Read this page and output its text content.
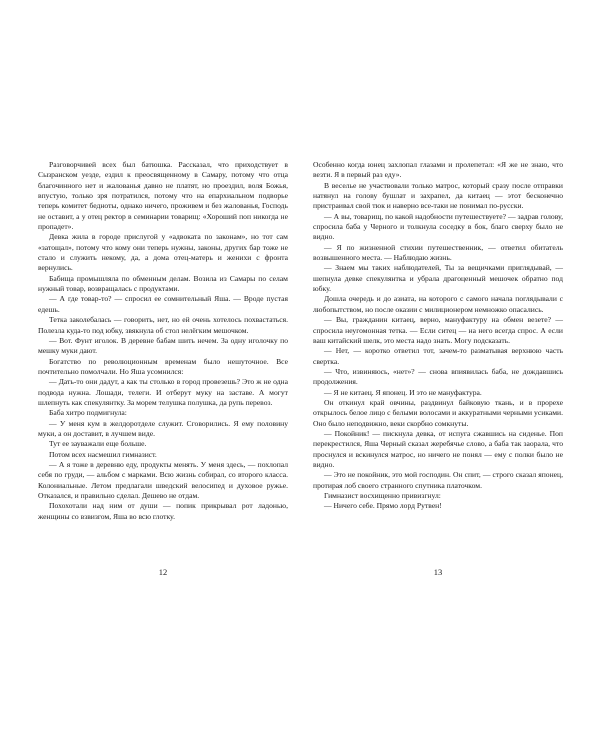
Разговорчивей всех был батюшка. Рассказал, что приходствует в Сызранском уезде, ездил к преосвященному в Самару, потому что отца благочинного нет и жалованья давно не платят, но проездил, воля Божья, впустую, только зря потратился, потому что на епархиальном подворье теперь комитет бедноты, однако ничего, проживем и без жалованья, Господь не оставит, а у отец ректор в семинарии товарищ: «Хороший поп никогда не пропадет».

Девка жила в городе прислугой у «адвоката по законам», но тот сам «затощал», потому что кому они теперь нужны, законы, других бар тоже не стало и служить некому, да, а дома отец-матерь и женихи с фронта вернулись.

Бабища промышляла по обменным делам. Возила из Самары по селам нужный товар, возвращалась с продуктами.

— А где товар-то? — спросил ее сомнительный Яша. — Вроде пустая едешь.

Тетка заколебалась — говорить, нет, но ей очень хотелось похвастаться. Полезла куда-то под юбку, звякнула об стол нелёгким мешочком.

— Вот. Фунт иголок. В деревне бабам шить нечем. За одну иголочку по мешку муки дают.

Богатство по революционным временам было нешуточное. Все почтительно помолчали. Но Яша усомнился:

— Дать-то они дадут, а как ты столько в город провезешь? Это ж не одна подвода нужна. Лошади, телеги. И отберут муку на заставе. А могут шлепнуть как спекулянтку. За морем телушка полушка, да рупь перевоз.

Баба хитро подмигнула:

— У меня кум в желдоротделе служит. Сговорились. Я ему половину муки, а он доставит, в лучшем виде.

Тут ее зауважали еще больше.

Потом всех насмешил гимназист.

— А я тоже в деревню еду, продукты менять. У меня здесь, — похлопал себя по груди, — альбом с марками. Всю жизнь собирал, со второго класса. Колониальные. Летом предлагали шведский велосипед и духовое ружье. Отказался, и правильно сделал. Дешево не отдам.

Похохотали над ним от души — попик прикрывал рот ладонью, женщины со взвизгом, Яша во всю глотку.

12

Особенно когда юнец захлопал глазами и пролепетал: «Я же не знаю, что везти. Я в первый раз еду».

В веселье не участвовали только матрос, который сразу после отправки натянул на голову бушлат и захрапел, да китаец — этот бесконечно пристраивал свой тюк и наверно все-таки не понимал по-русски.

— А вы, товарищ, по какой надобности путешествуете? — задрав голову, спросила баба у Черного и толкнула соседку в бок, благо сверху было не видно.

— Я по жизненной стихии путешественник, — ответил обитатель возвышенного места. — Наблюдаю жизнь.

— Знаем мы таких наблюдателей, Ты за вещичками приглядывай, — шепнула девке спекулянтка и убрала драгоценный мешочек обратно под юбку.

Дошла очередь и до азиата, на которого с самого начала поглядывали с любопытством, но после оказии с милиционером немножко опасались.

— Вы, гражданин китаец, верно, мануфактуру на обмен везете? — спросила неугомонная тетка. — Если ситец — на него всегда спрос. А если ваш китайский шелк, это места надо знать. Могу подсказать.

— Нет, — коротко ответил тот, зачем-то разматывая верхнюю часть свертка.

— Что, извиняюсь, «нет»? — снова впиявилась баба, не дождавшись продолжения.

— Я не китаец. Я японец. И это не мануфактура.

Он откинул край овчины, раздвинул байковую ткань, и в прорехе открылось белое лицо с белыми волосами и аккуратными черными усиками. Оно было неподвижно, веки скорбно сомкнуты.

— Покойник! — пискнула девка, от испуга сжавшись на сиденье. Поп перекрестился, Яша Черный сказал жеребячье слово, а баба так заорала, что проснулся и вскинулся матрос, но ничего не понял — ему с полки было не видно.

— Это не покойник, это мой господин. Он спит, — строго сказал японец, протирая лоб своего странного спутника платочком.

Гимназист восхищенно привизгнул:

— Ничего себе. Прямо лорд Рутвен!

13
